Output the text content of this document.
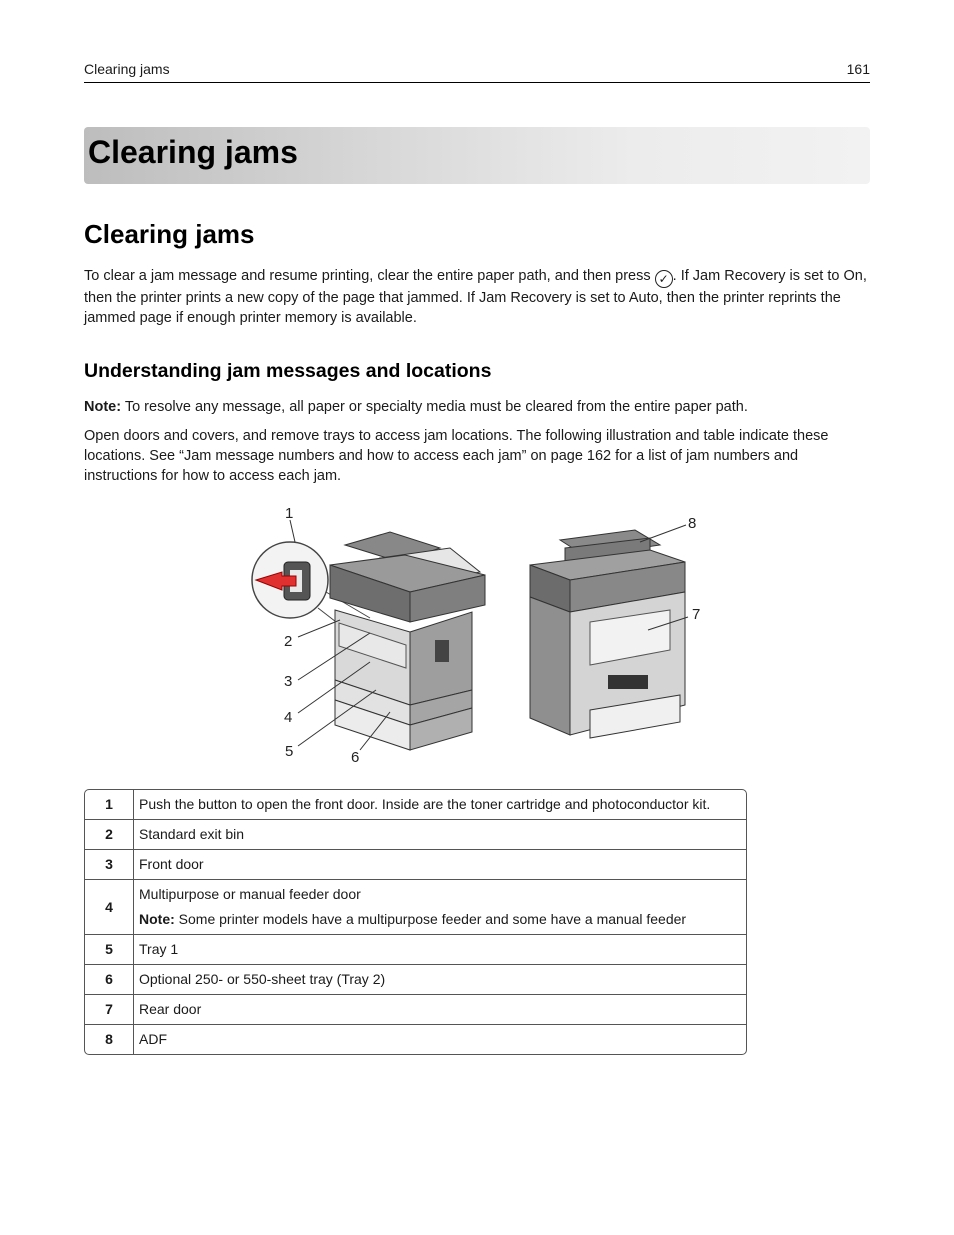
Clearing jams	161
Clearing jams
Clearing jams

To clear a jam message and resume printing, clear the entire paper path, and then press ✓ . If Jam Recovery is set to On, then the printer prints a new copy of the page that jammed. If Jam Recovery is set to Auto, then the printer reprints the jammed page if enough printer memory is available.

Understanding jam messages and locations

Note: To resolve any message, all paper or specialty media must be cleared from the entire paper path.

Open doors and covers, and remove trays to access jam locations. The following illustration and table indicate these locations. See “Jam message numbers and how to access each jam” on page 162 for a list of jam numbers and instructions for how to access each jam.

1
2
3
4
5	6
7
8
1	Push the button to open the front door. Inside are the toner cartridge and photoconductor kit.
2	Standard exit bin
3	Front door
4	Multipurpose or manual feeder door
Note: Some printer models have a multipurpose feeder and some have a manual feeder

5	Tray 1
6	Optional 250- or 550-sheet tray (Tray 2)
7	Rear door
8	ADF
